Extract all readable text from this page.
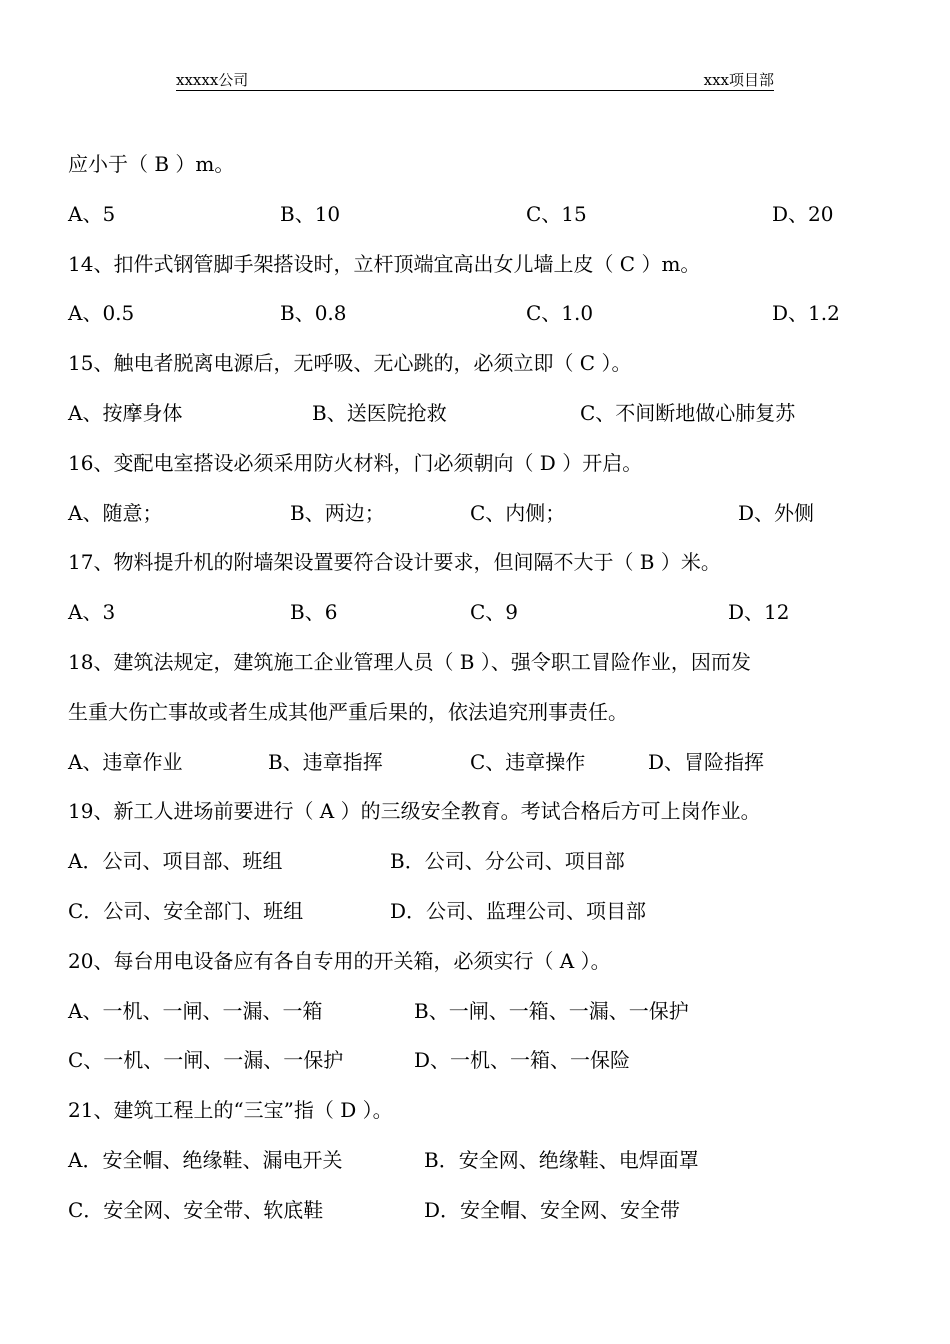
xxxxx公司	xxx项目部
应小于（ B ）m。
A、5	B、10	C、15	D、20
14、扣件式钢管脚手架搭设时，立杆顶端宜高出女儿墙上皮（ C ）m。
A、0.5	B、0.8	C、1.0	D、1.2
15、触电者脱离电源后，无呼吸、无心跳的，必须立即（ C ）。
A、按摩身体	B、送医院抢救	C、不间断地做心肺复苏
16、变配电室搭设必须采用防火材料，门必须朝向（ D ）开启。
A、随意；	B、两边；	C、内侧；	D、外侧
17、物料提升机的附墙架设置要符合设计要求，但间隔不大于（ B ）米。
A、3	B、6	C、9	D、12
18、建筑法规定，建筑施工企业管理人员（ B ）、强令职工冒险作业，因而发
生重大伤亡事故或者生成其他严重后果的，依法追究刑事责任。
A、违章作业	B、违章指挥	C、违章操作	D、冒险指挥
19、新工人进场前要进行（ A ）的三级安全教育。考试合格后方可上岗作业。
A．公司、项目部、班组	B．公司、分公司、项目部
C．公司、安全部门、班组	D．公司、监理公司、项目部
20、每台用电设备应有各自专用的开关箱，必须实行（ A ）。
A、一机、一闸、一漏、一箱	B、一闸、一箱、一漏、一保护
C、一机、一闸、一漏、一保护	D、一机、一箱、一保险
21、建筑工程上的“三宝”指（ D ）。
A．安全帽、绝缘鞋、漏电开关	B．安全网、绝缘鞋、电焊面罩
C．安全网、安全带、软底鞋	D．安全帽、安全网、安全带
